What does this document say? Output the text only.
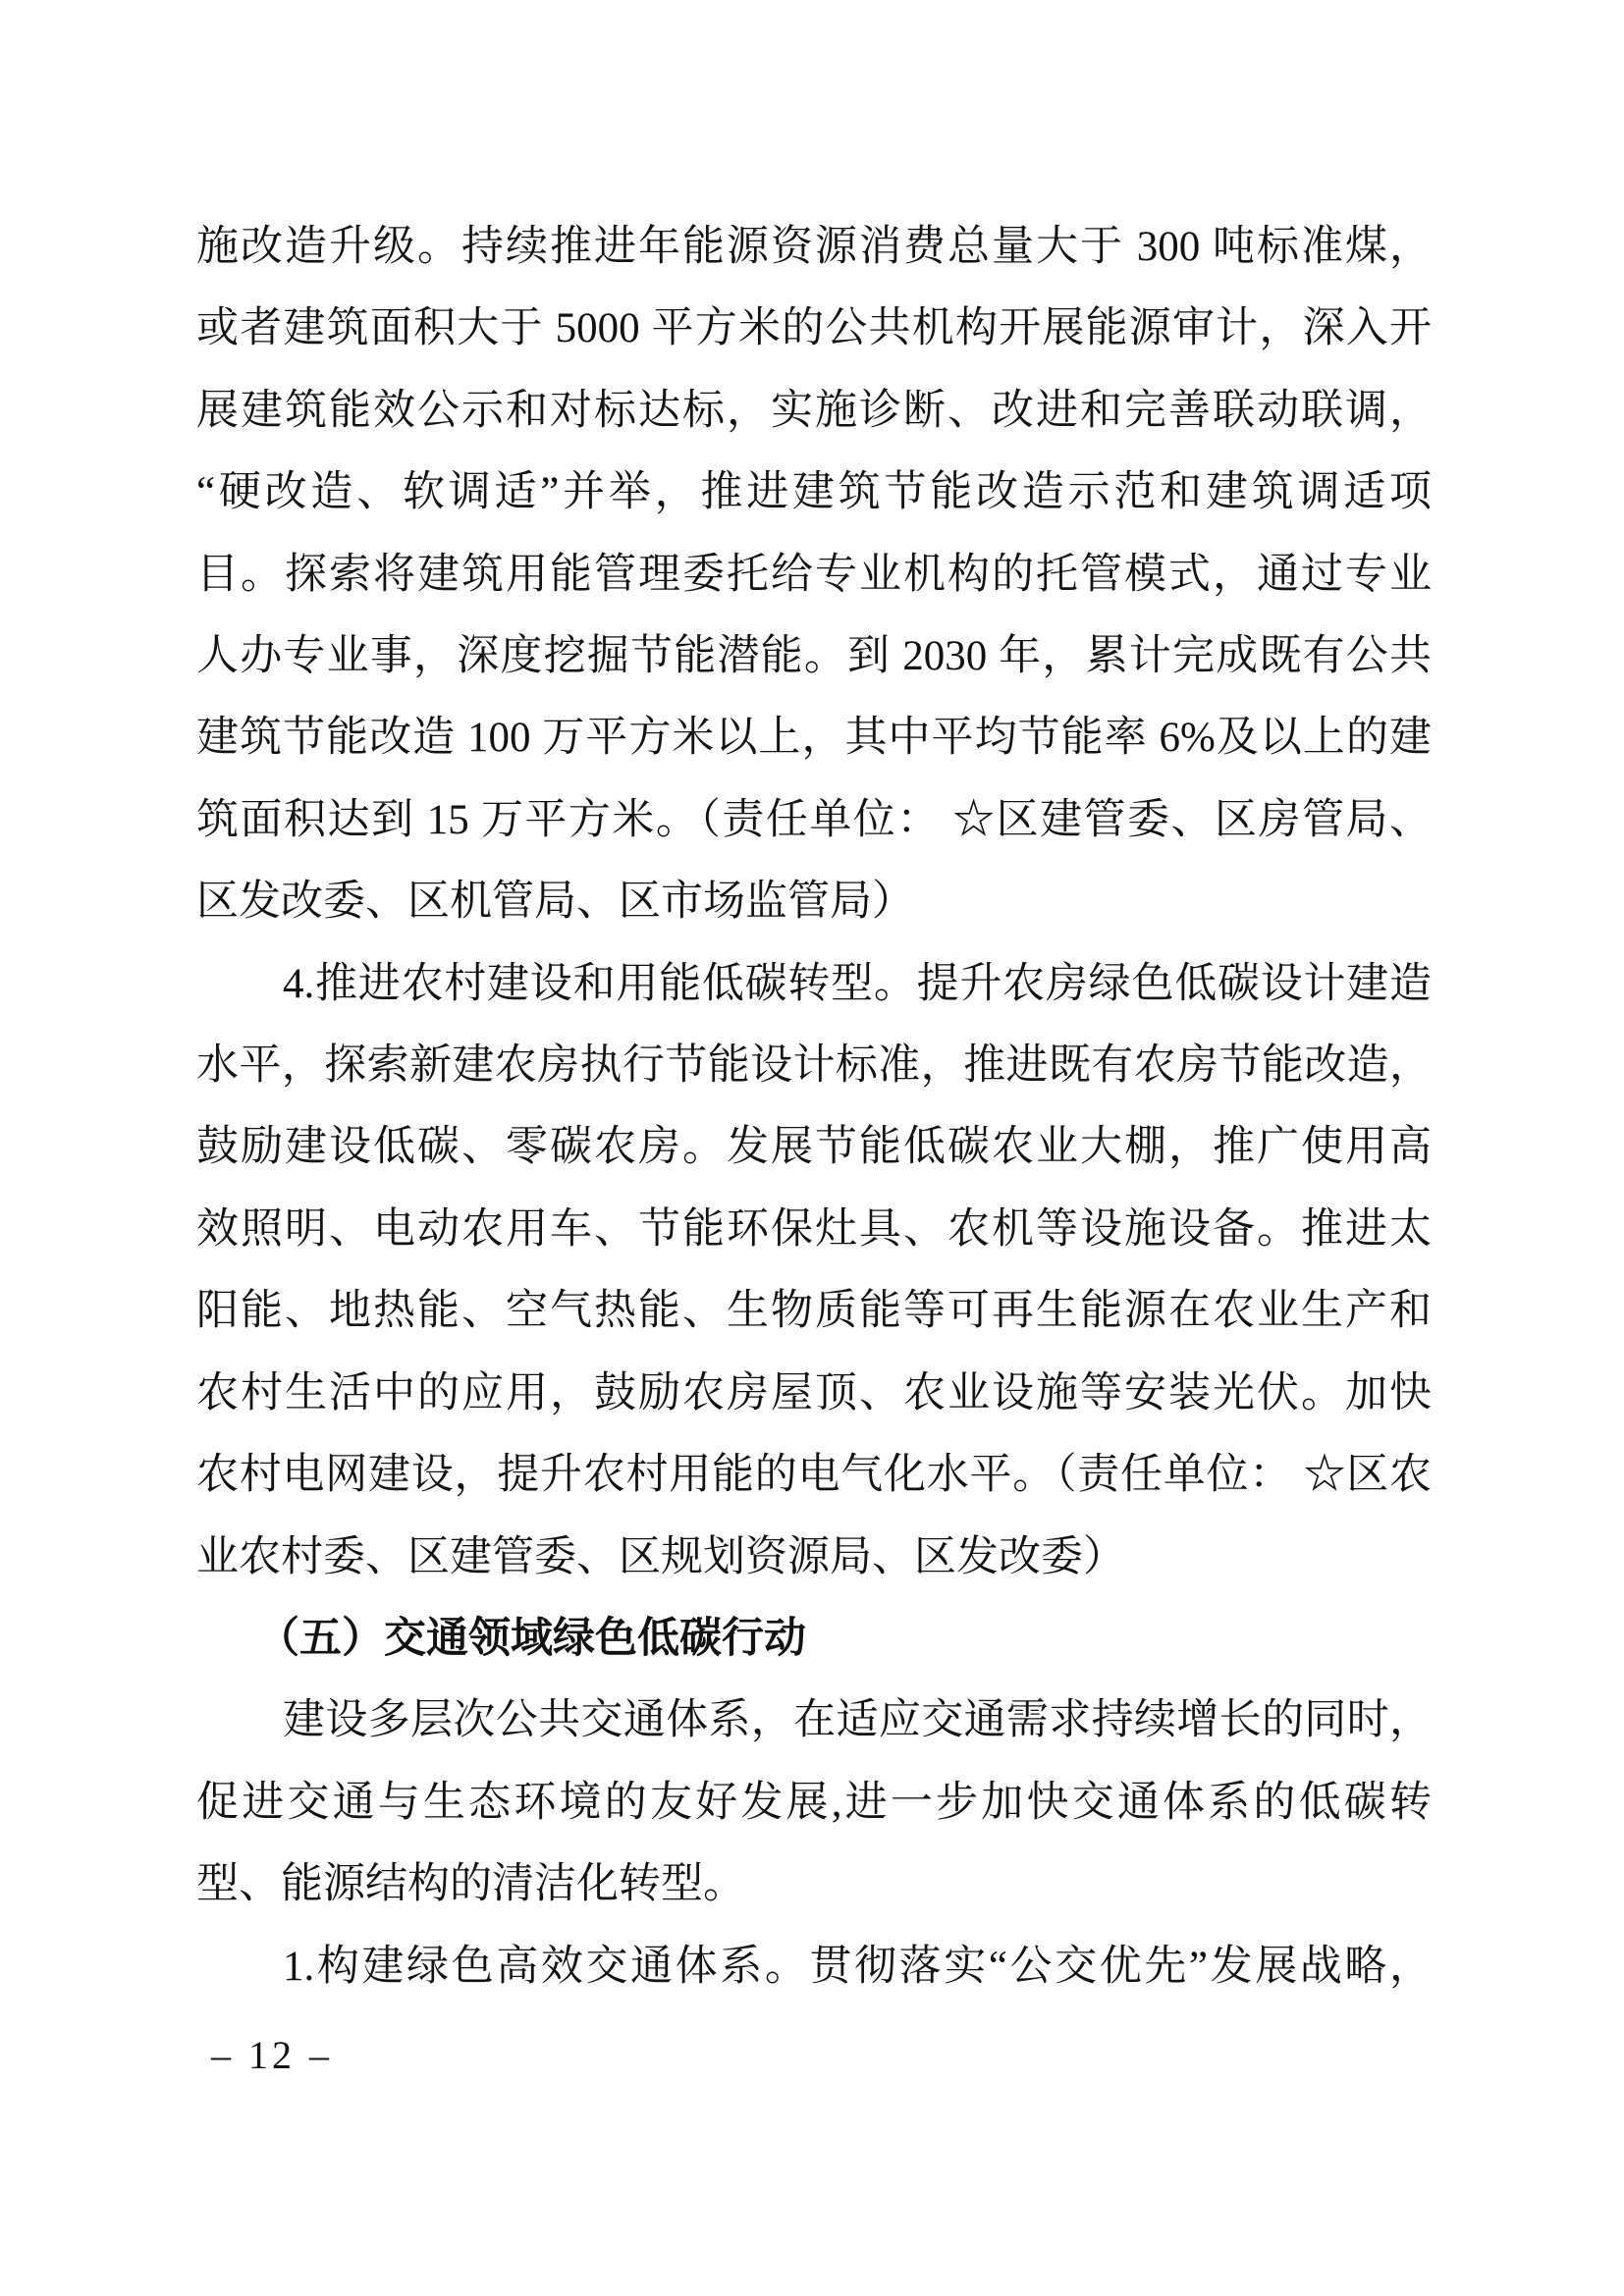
施改造升级。持续推进年能源资源消费总量大于 300 吨标准煤，
或者建筑面积大于 5000 平方米的公共机构开展能源审计，深入开
展建筑能效公示和对标达标，实施诊断、改进和完善联动联调，
“硬改造、软调适”并举，推进建筑节能改造示范和建筑调适项
目。探索将建筑用能管理委托给专业机构的托管模式，通过专业
人办专业事，深度挖掘节能潜能。到 2030 年，累计完成既有公共
建筑节能改造 100 万平方米以上，其中平均节能率 6%及以上的建
筑面积达到 15 万平方米。（责任单位： ☆区建管委、区房管局、
区发改委、区机管局、区市场监管局）

4.推进农村建设和用能低碳转型。提升农房绿色低碳设计建造
水平，探索新建农房执行节能设计标准，推进既有农房节能改造，
鼓励建设低碳、零碳农房。发展节能低碳农业大棚，推广使用高
效照明、电动农用车、节能环保灶具、农机等设施设备。推进太
阳能、地热能、空气热能、生物质能等可再生能源在农业生产和
农村生活中的应用，鼓励农房屋顶、农业设施等安装光伏。加快
农村电网建设，提升农村用能的电气化水平。（责任单位： ☆区农
业农村委、区建管委、区规划资源局、区发改委）

（五）交通领域绿色低碳行动

建设多层次公共交通体系，在适应交通需求持续增长的同时，
促进交通与生态环境的友好发展,进一步加快交通体系的低碳转
型、能源结构的清洁化转型。

1.构建绿色高效交通体系。贯彻落实“公交优先”发展战略，

– 12 –
